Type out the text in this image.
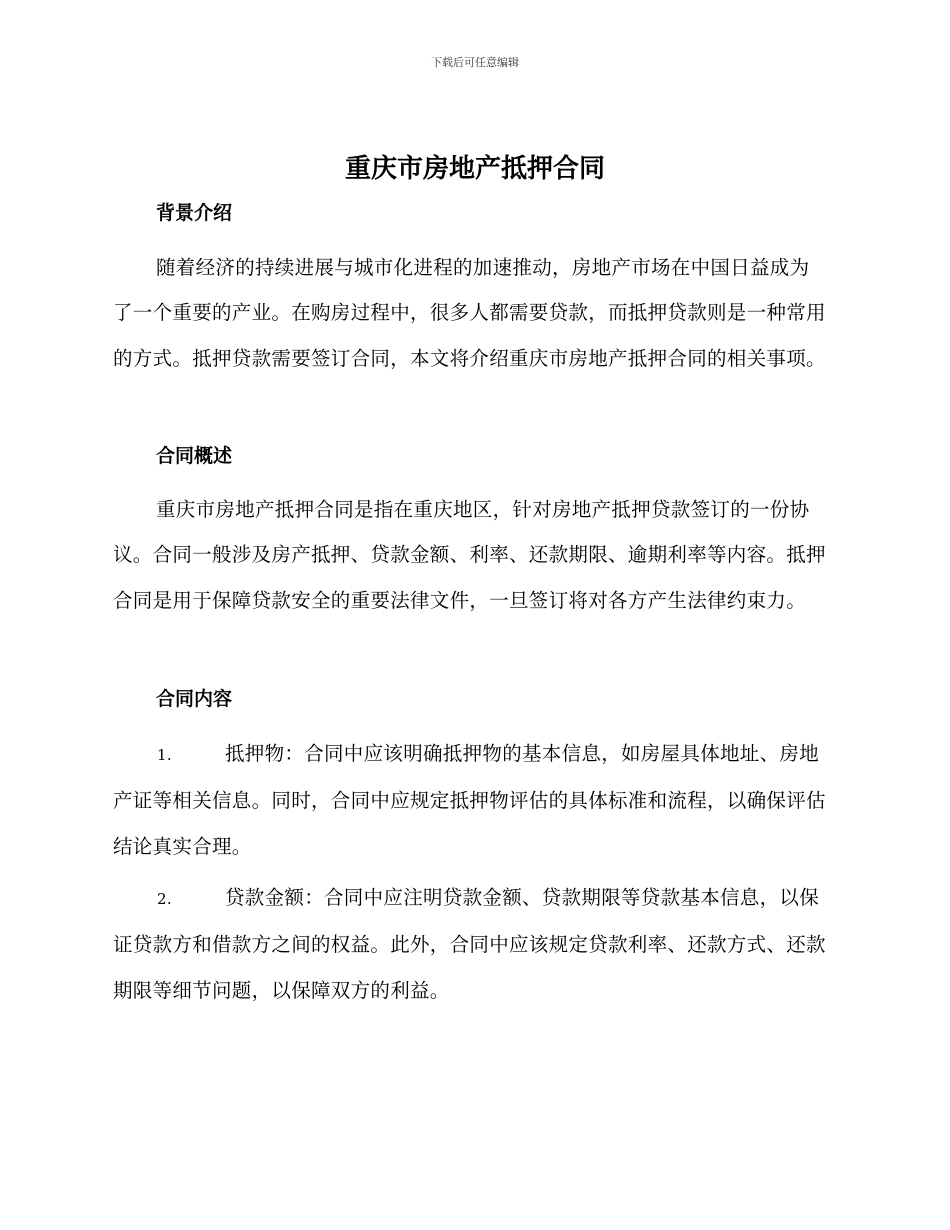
下载后可任意编辑
重庆市房地产抵押合同
背景介绍
随着经济的持续进展与城市化进程的加速推动，房地产市场在中国日益成为了一个重要的产业。在购房过程中，很多人都需要贷款，而抵押贷款则是一种常用的方式。抵押贷款需要签订合同，本文将介绍重庆市房地产抵押合同的相关事项。
合同概述
重庆市房地产抵押合同是指在重庆地区，针对房地产抵押贷款签订的一份协议。合同一般涉及房产抵押、贷款金额、利率、还款期限、逾期利率等内容。抵押合同是用于保障贷款安全的重要法律文件，一旦签订将对各方产生法律约束力。
合同内容
1.	抵押物：合同中应该明确抵押物的基本信息，如房屋具体地址、房地产证等相关信息。同时，合同中应规定抵押物评估的具体标准和流程，以确保评估结论真实合理。
2.	贷款金额：合同中应注明贷款金额、贷款期限等贷款基本信息，以保证贷款方和借款方之间的权益。此外，合同中应该规定贷款利率、还款方式、还款期限等细节问题，以保障双方的利益。
